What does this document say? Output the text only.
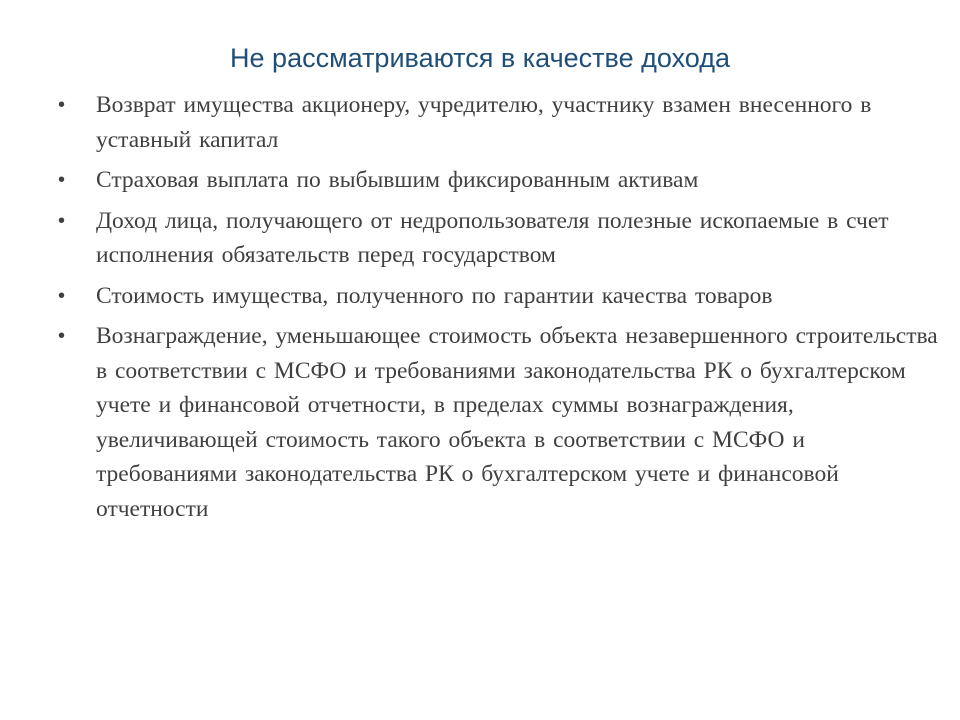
Не рассматриваются в качестве дохода
•	Возврат имущества акционеру, учредителю, участнику взамен внесенного в уставный капитал
•	Страховая выплата по выбывшим фиксированным активам
•	Доход лица, получающего от недропользователя полезные ископаемые в счет исполнения обязательств перед государством
•	Стоимость имущества, полученного по гарантии качества товаров
•	Вознаграждение, уменьшающее стоимость объекта незавершенного строительства в соответствии с МСФО и требованиями законодательства РК о бухгалтерском учете и финансовой отчетности, в пределах суммы вознаграждения, увеличивающей стоимость такого объекта в соответствии с МСФО и требованиями законодательства РК о бухгалтерском учете и финансовой отчетности
